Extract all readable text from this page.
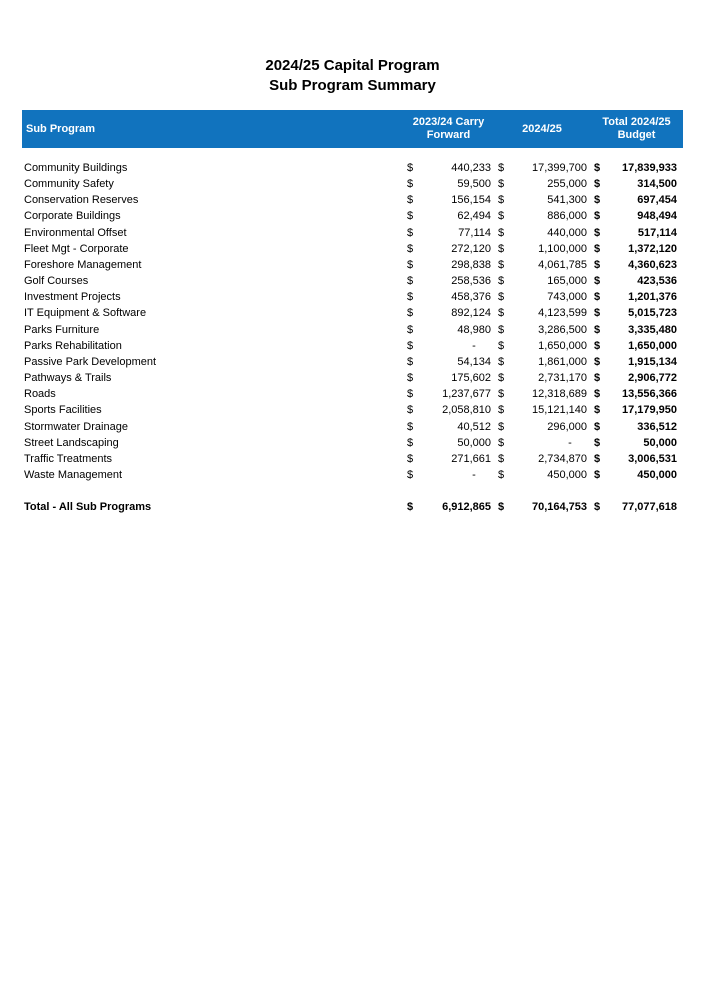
2024/25 Capital Program
Sub Program Summary
Sub Program	2023/24 Carry Forward		2024/25		Total 2024/25 Budget	

Community Buildings	$	440,233	$	17,399,700	$	17,839,933
Community Safety	$	59,500	$	255,000	$	314,500
Conservation Reserves	$	156,154	$	541,300	$	697,454
Corporate Buildings	$	62,494	$	886,000	$	948,494
Environmental Offset	$	77,114	$	440,000	$	517,114
Fleet Mgt - Corporate	$	272,120	$	1,100,000	$	1,372,120
Foreshore Management	$	298,838	$	4,061,785	$	4,360,623
Golf Courses	$	258,536	$	165,000	$	423,536
Investment Projects	$	458,376	$	743,000	$	1,201,376
IT Equipment & Software	$	892,124	$	4,123,599	$	5,015,723
Parks Furniture	$	48,980	$	3,286,500	$	3,335,480
Parks Rehabilitation	$	-	$	1,650,000	$	1,650,000
Passive Park Development	$	54,134	$	1,861,000	$	1,915,134
Pathways & Trails	$	175,602	$	2,731,170	$	2,906,772
Roads	$	1,237,677	$	12,318,689	$	13,556,366
Sports Facilities	$	2,058,810	$	15,121,140	$	17,179,950
Stormwater Drainage	$	40,512	$	296,000	$	336,512
Street Landscaping	$	50,000	$	-	$	50,000
Traffic Treatments	$	271,661	$	2,734,870	$	3,006,531
Waste Management	$	-	$	450,000	$	450,000

Total - All Sub Programs	$	6,912,865	$	70,164,753	$	77,077,618
